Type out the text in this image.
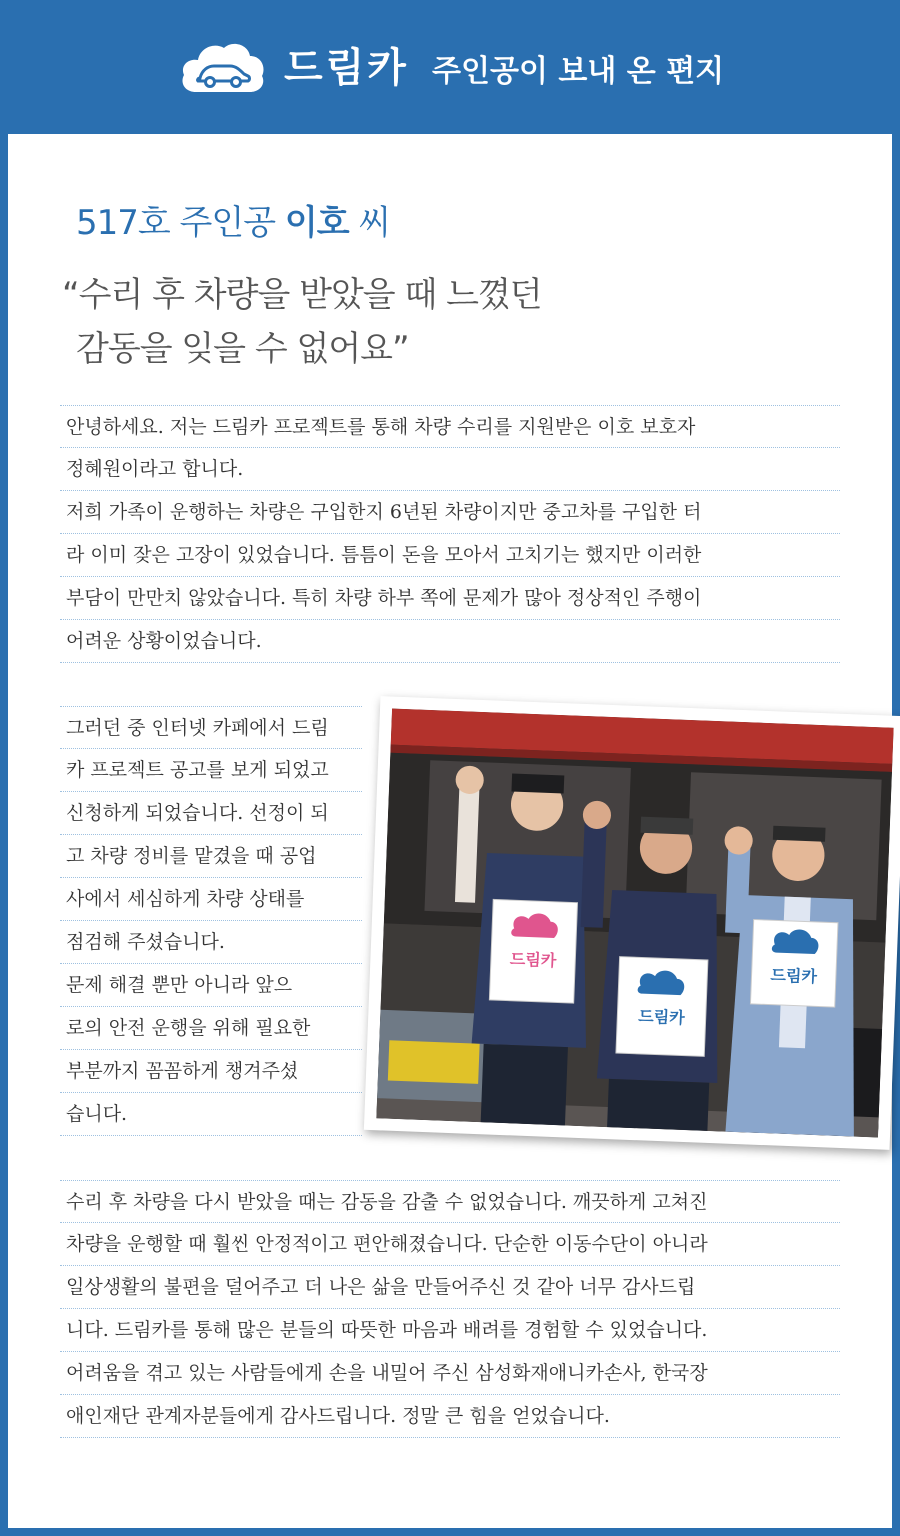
드림카 주인공이 보내 온 편지
517호 주인공 이호 씨
“수리 후 차량을 받았을 때 느꼈던
감동을 잊을 수 없어요”
안녕하세요. 저는 드림카 프로젝트를 통해 차량 수리를 지원받은 이호 보호자
정혜원이라고 합니다.
저희 가족이 운행하는 차량은 구입한지 6년된 차량이지만 중고차를 구입한 터
라 이미 잦은 고장이 있었습니다. 틈틈이 돈을 모아서 고치기는 했지만 이러한
부담이 만만치 않았습니다. 특히 차량 하부 쪽에 문제가 많아 정상적인 주행이
어려운 상황이었습니다.
그러던 중 인터넷 카페에서 드림
카 프로젝트 공고를 보게 되었고
신청하게 되었습니다. 선정이 되
고 차량 정비를 맡겼을 때 공업
사에서 세심하게 차량 상태를
점검해 주셨습니다.
문제 해결 뿐만 아니라 앞으
로의 안전 운행을 위해 필요한
부분까지 꼼꼼하게 챙겨주셨
습니다.
드림카
드림카
드림카
수리 후 차량을 다시 받았을 때는 감동을 감출 수 없었습니다. 깨끗하게 고쳐진
차량을 운행할 때 훨씬 안정적이고 편안해졌습니다. 단순한 이동수단이 아니라
일상생활의 불편을 덜어주고 더 나은 삶을 만들어주신 것 같아 너무 감사드립
니다. 드림카를 통해 많은 분들의 따뜻한 마음과 배려를 경험할 수 있었습니다.
어려움을 겪고 있는 사람들에게 손을 내밀어 주신 삼성화재애니카손사, 한국장
애인재단 관계자분들에게 감사드립니다. 정말 큰 힘을 얻었습니다.
